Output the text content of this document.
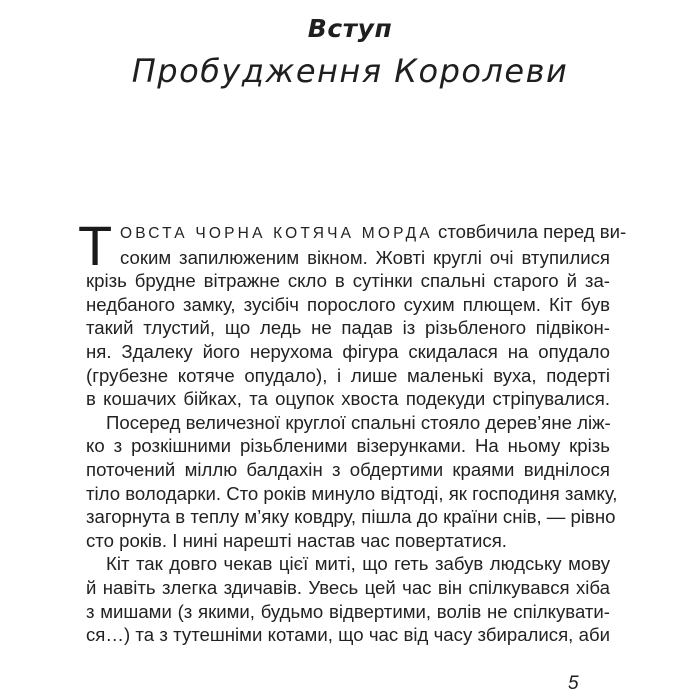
Вступ
Пробудження Королеви
Т ОВСТА ЧОРНА КОТЯЧА МОРДА стовбичила перед ви-
соким запилюженим вікном. Жовті круглі очі втупилися
крізь брудне вітражне скло в сутінки спальні старого й за-
недбаного замку, зусібіч порослого сухим плющем. Кіт був
такий тлустий, що ледь не падав із різьбленого підвікон-
ня. Здалеку його нерухома фігура скидалася на опудало
(грубезне котяче опудало), і лише маленькі вуха, подерті
в кошачих бійках, та оцупок хвоста подекуди стріпувалися.
Посеред величезної круглої спальні стояло дерев’яне ліж-
ко з розкішними різьбленими візерунками. На ньому крізь
поточений міллю балдахін з обдертими краями виднілося
тіло володарки. Сто років минуло відтоді, як господиня замку,
загорнута в теплу м’яку ковдру, пішла до країни снів, — рівно
сто років. І нині нарешті настав час повертатися.
Кіт так довго чекав цієї миті, що геть забув людську мову
й навіть злегка здичавів. Увесь цей час він спілкувався хіба
з мишами (з якими, будьмо відвертими, волів не спілкувати-
ся…) та з тутешніми котами, що час від часу збиралися, аби
5
